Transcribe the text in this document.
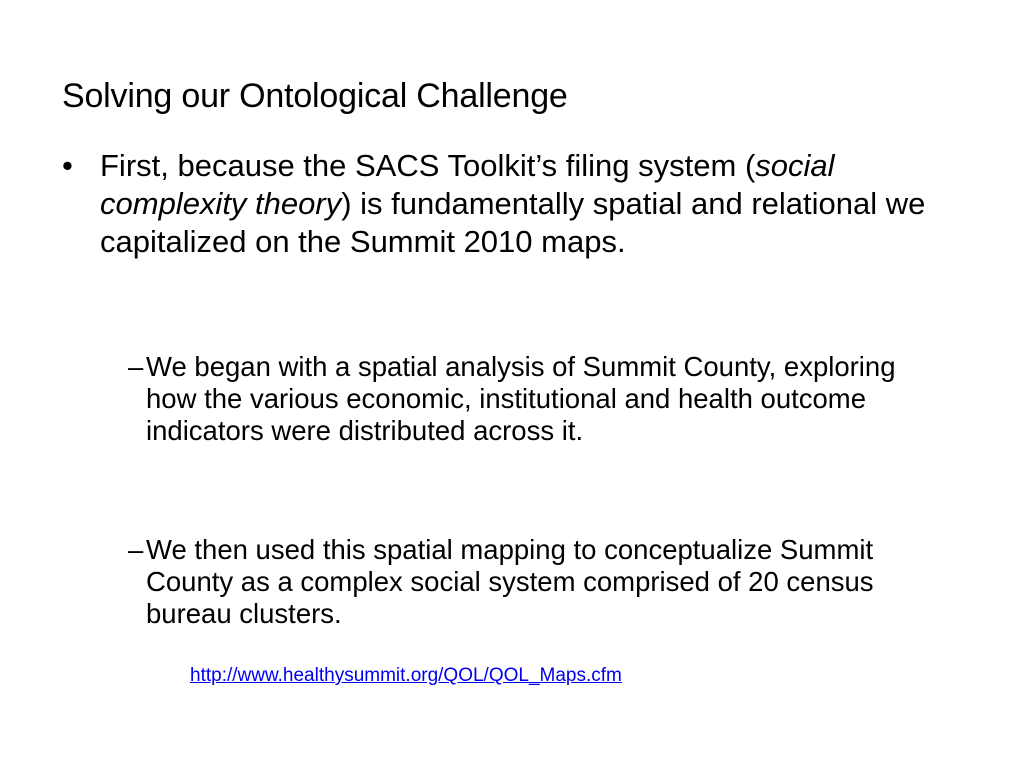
Solving our Ontological Challenge
• First, because the SACS Toolkit’s filing system (social complexity theory) is fundamentally spatial and relational we capitalized on the Summit 2010 maps.
– We began with a spatial analysis of Summit County, exploring how the various economic, institutional and health outcome indicators were distributed across it.
– We then used this spatial mapping to conceptualize Summit County as a complex social system comprised of 20 census bureau clusters.
http://www.healthysummit.org/QOL/QOL_Maps.cfm
